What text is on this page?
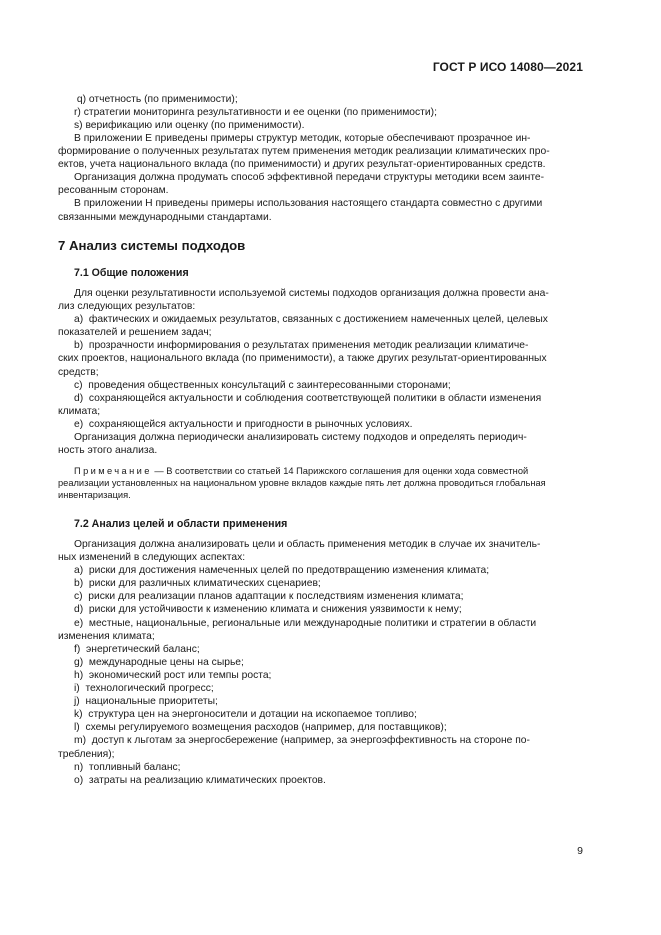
ГОСТ Р ИСО 14080—2021
q) отчетность (по применимости);
r) стратегии мониторинга результативности и ее оценки (по применимости);
s) верификацию или оценку (по применимости).
В приложении Е приведены примеры структур методик, которые обеспечивают прозрачное ин-
формирование о полученных результатах путем применения методик реализации климатических про-
ектов, учета национального вклада (по применимости) и других результат-ориентированных средств.
Организация должна продумать способ эффективной передачи структуры методики всем заинте-
ресованным сторонам.
В приложении Н приведены примеры использования настоящего стандарта совместно с другими
связанными международными стандартами.
7 Анализ системы подходов
7.1 Общие положения
Для оценки результативности используемой системы подходов организация должна провести ана-
лиз следующих результатов:
a)  фактических и ожидаемых результатов, связанных с достижением намеченных целей, целевых
показателей и решением задач;
b)  прозрачности информирования о результатах применения методик реализации климатиче-
ских проектов, национального вклада (по применимости), а также других результат-ориентированных
средств;
c)  проведения общественных консультаций с заинтересованными сторонами;
d)  сохраняющейся актуальности и соблюдения соответствующей политики в области изменения
климата;
e)  сохраняющейся актуальности и пригодности в рыночных условиях.
Организация должна периодически анализировать систему подходов и определять периодич-
ность этого анализа.
Примечание — В соответствии со статьей 14 Парижского соглашения для оценки хода совместной
реализации установленных на национальном уровне вкладов каждые пять лет должна проводиться глобальная
инвентаризация.
7.2 Анализ целей и области применения
Организация должна анализировать цели и область применения методик в случае их значитель-
ных изменений в следующих аспектах:
a)  риски для достижения намеченных целей по предотвращению изменения климата;
b)  риски для различных климатических сценариев;
c)  риски для реализации планов адаптации к последствиям изменения климата;
d)  риски для устойчивости к изменению климата и снижения уязвимости к нему;
e)  местные, национальные, региональные или международные политики и стратегии в области
изменения климата;
f)  энергетический баланс;
g)  международные цены на сырье;
h)  экономический рост или темпы роста;
i)  технологический прогресс;
j)  национальные приоритеты;
k)  структура цен на энергоносители и дотации на ископаемое топливо;
l)  схемы регулируемого возмещения расходов (например, для поставщиков);
m)  доступ к льготам за энергосбережение (например, за энергоэффективность на стороне по-
требления);
n)  топливный баланс;
o)  затраты на реализацию климатических проектов.
9
